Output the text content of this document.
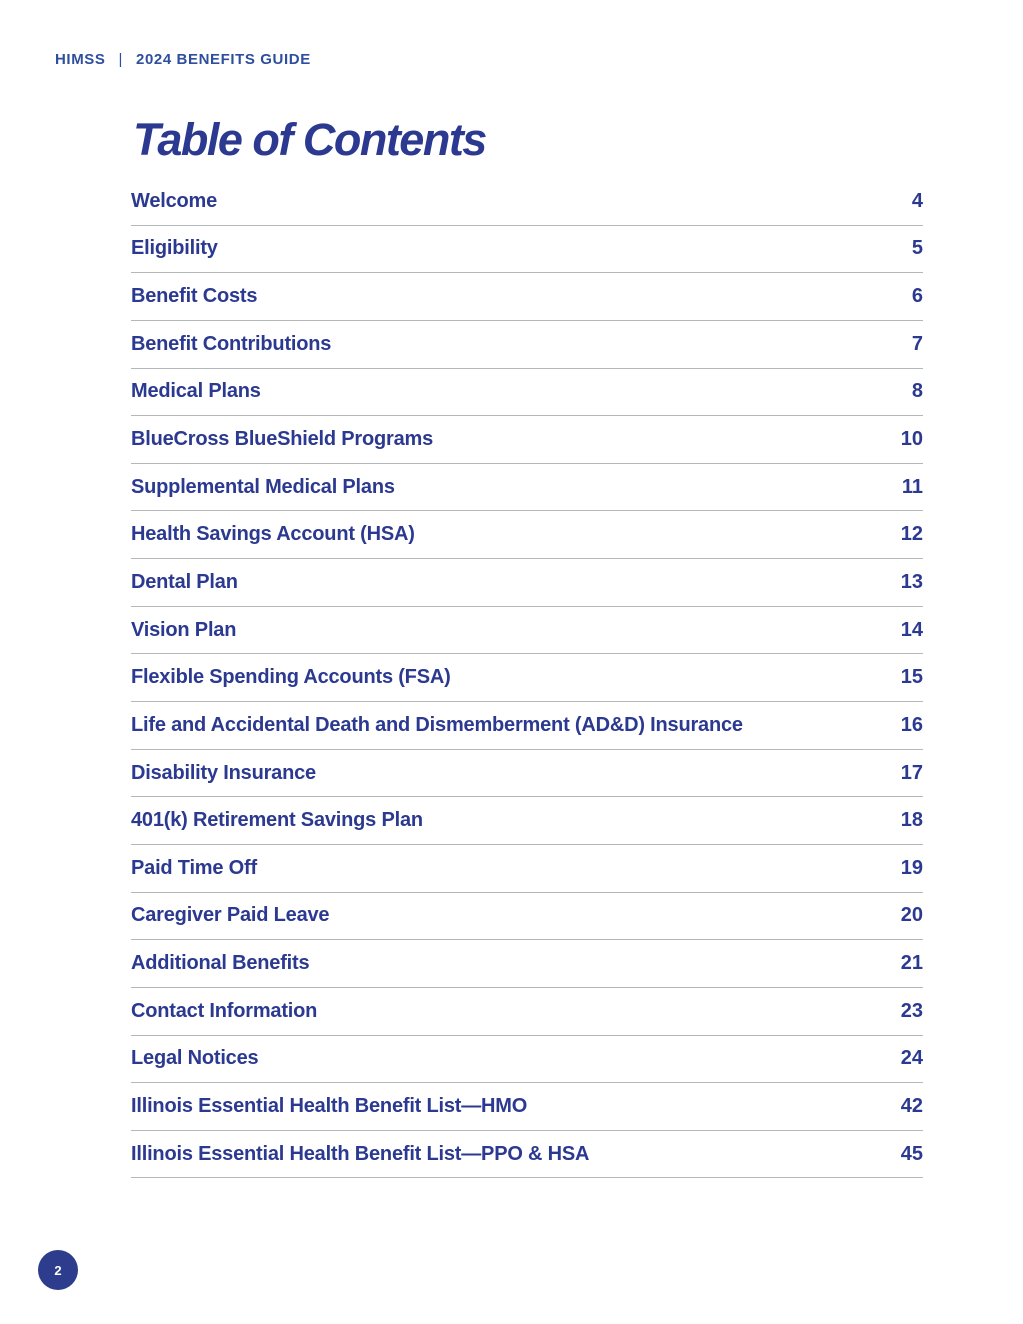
HIMSS | 2024 BENEFITS GUIDE
Table of Contents
Welcome	4
Eligibility	5
Benefit Costs	6
Benefit Contributions	7
Medical Plans	8
BlueCross BlueShield Programs	10
Supplemental Medical Plans	11
Health Savings Account (HSA)	12
Dental Plan	13
Vision Plan	14
Flexible Spending Accounts (FSA)	15
Life and Accidental Death and Dismemberment (AD&D) Insurance	16
Disability Insurance	17
401(k) Retirement Savings Plan	18
Paid Time Off	19
Caregiver Paid Leave	20
Additional Benefits	21
Contact Information	23
Legal Notices	24
Illinois Essential Health Benefit List—HMO	42
Illinois Essential Health Benefit List—PPO & HSA	45
2
